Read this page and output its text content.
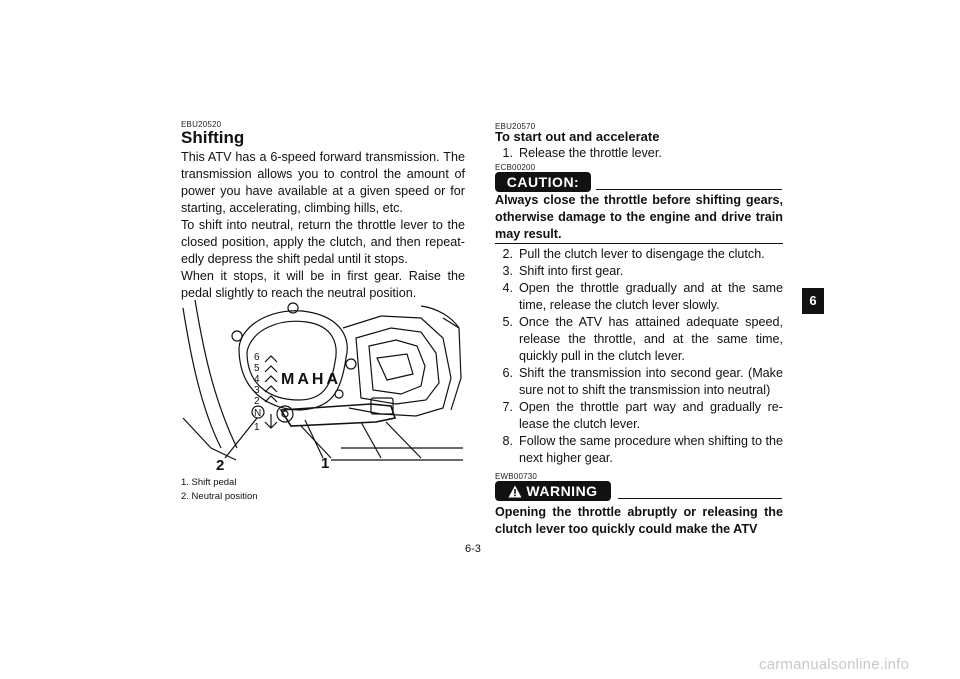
EBU20520
Shifting

This ATV has a 6-speed forward transmission. The transmission allows you to control the amount of power you have available at a given speed or for starting, accelerating, climbing hills, etc.

To shift into neutral, return the throttle lever to the closed position, apply the clutch, and then repeat-edly depress the shift pedal until it stops.

When it stops, it will be in first gear. Raise the pedal slightly to reach the neutral position.

6
5
4
3
2
N
1
MAHA
1
2
1. Shift pedal
2. Neutral position
EBU20570
To start out and accelerate
1. Release the throttle lever.
ECB00200
CAUTION:
Always close the throttle before shifting gears, otherwise damage to the engine and drive train may result.
2. Pull the clutch lever to disengage the clutch.
3. Shift into first gear.
4. Open the throttle gradually and at the same time, release the clutch lever slowly.
5. Once the ATV has attained adequate speed, release the throttle, and at the same time, quickly pull in the clutch lever.
6. Shift the transmission into second gear. (Make sure not to shift the transmission into neutral)
7. Open the throttle part way and gradually re-lease the clutch lever.
8. Follow the same procedure when shifting to the next higher gear.
EWB00730
WARNING
Opening the throttle abruptly or releasing the clutch lever too quickly could make the ATV
6-3
6
carmanualsonline.info
